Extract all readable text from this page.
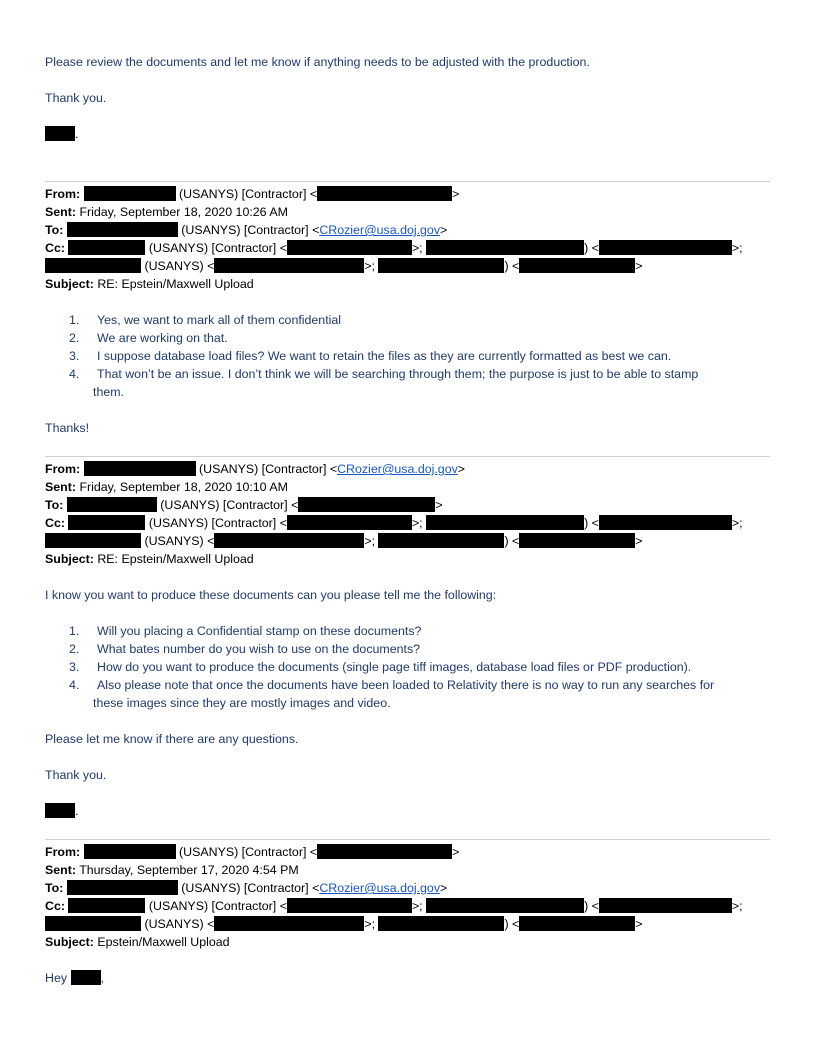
Please review the documents and let me know if anything needs to be adjusted with the production.
Thank you.
.
From:	(USANYS) [Contractor] <	>
Sent: Friday, September 18, 2020 10:26 AM
To:	(USANYS) [Contractor] <CRozier@usa.doj.gov>
Cc:	(USANYS) [Contractor] <	>;	) <	>;
(USANYS) <	>;	) <	>
Subject: RE: Epstein/Maxwell Upload
1. Yes, we want to mark all of them confidential
2. We are working on that.
3. I suppose database load files? We want to retain the files as they are currently formatted as best we can.
4. That won’t be an issue. I don’t think we will be searching through them; the purpose is just to be able to stamp
them.
Thanks!
From:	(USANYS) [Contractor] <CRozier@usa.doj.gov>
Sent: Friday, September 18, 2020 10:10 AM
To:	(USANYS) [Contractor] <	>
Cc:	(USANYS) [Contractor] <	>;	) <	>;
(USANYS) <	>;	) <	>
Subject: RE: Epstein/Maxwell Upload
I know you want to produce these documents can you please tell me the following:
1. Will you placing a Confidential stamp on these documents?
2. What bates number do you wish to use on the documents?
3. How do you want to produce the documents (single page tiff images, database load files or PDF production).
4. Also please note that once the documents have been loaded to Relativity there is no way to run any searches for
these images since they are mostly images and video.
Please let me know if there are any questions.
Thank you.
.
From:	(USANYS) [Contractor] <	>
Sent: Thursday, September 17, 2020 4:54 PM
To:	(USANYS) [Contractor] <CRozier@usa.doj.gov>
Cc:	(USANYS) [Contractor] <	>;	) <	>;
(USANYS) <	>;	) <	>
Subject: Epstein/Maxwell Upload
Hey	,
